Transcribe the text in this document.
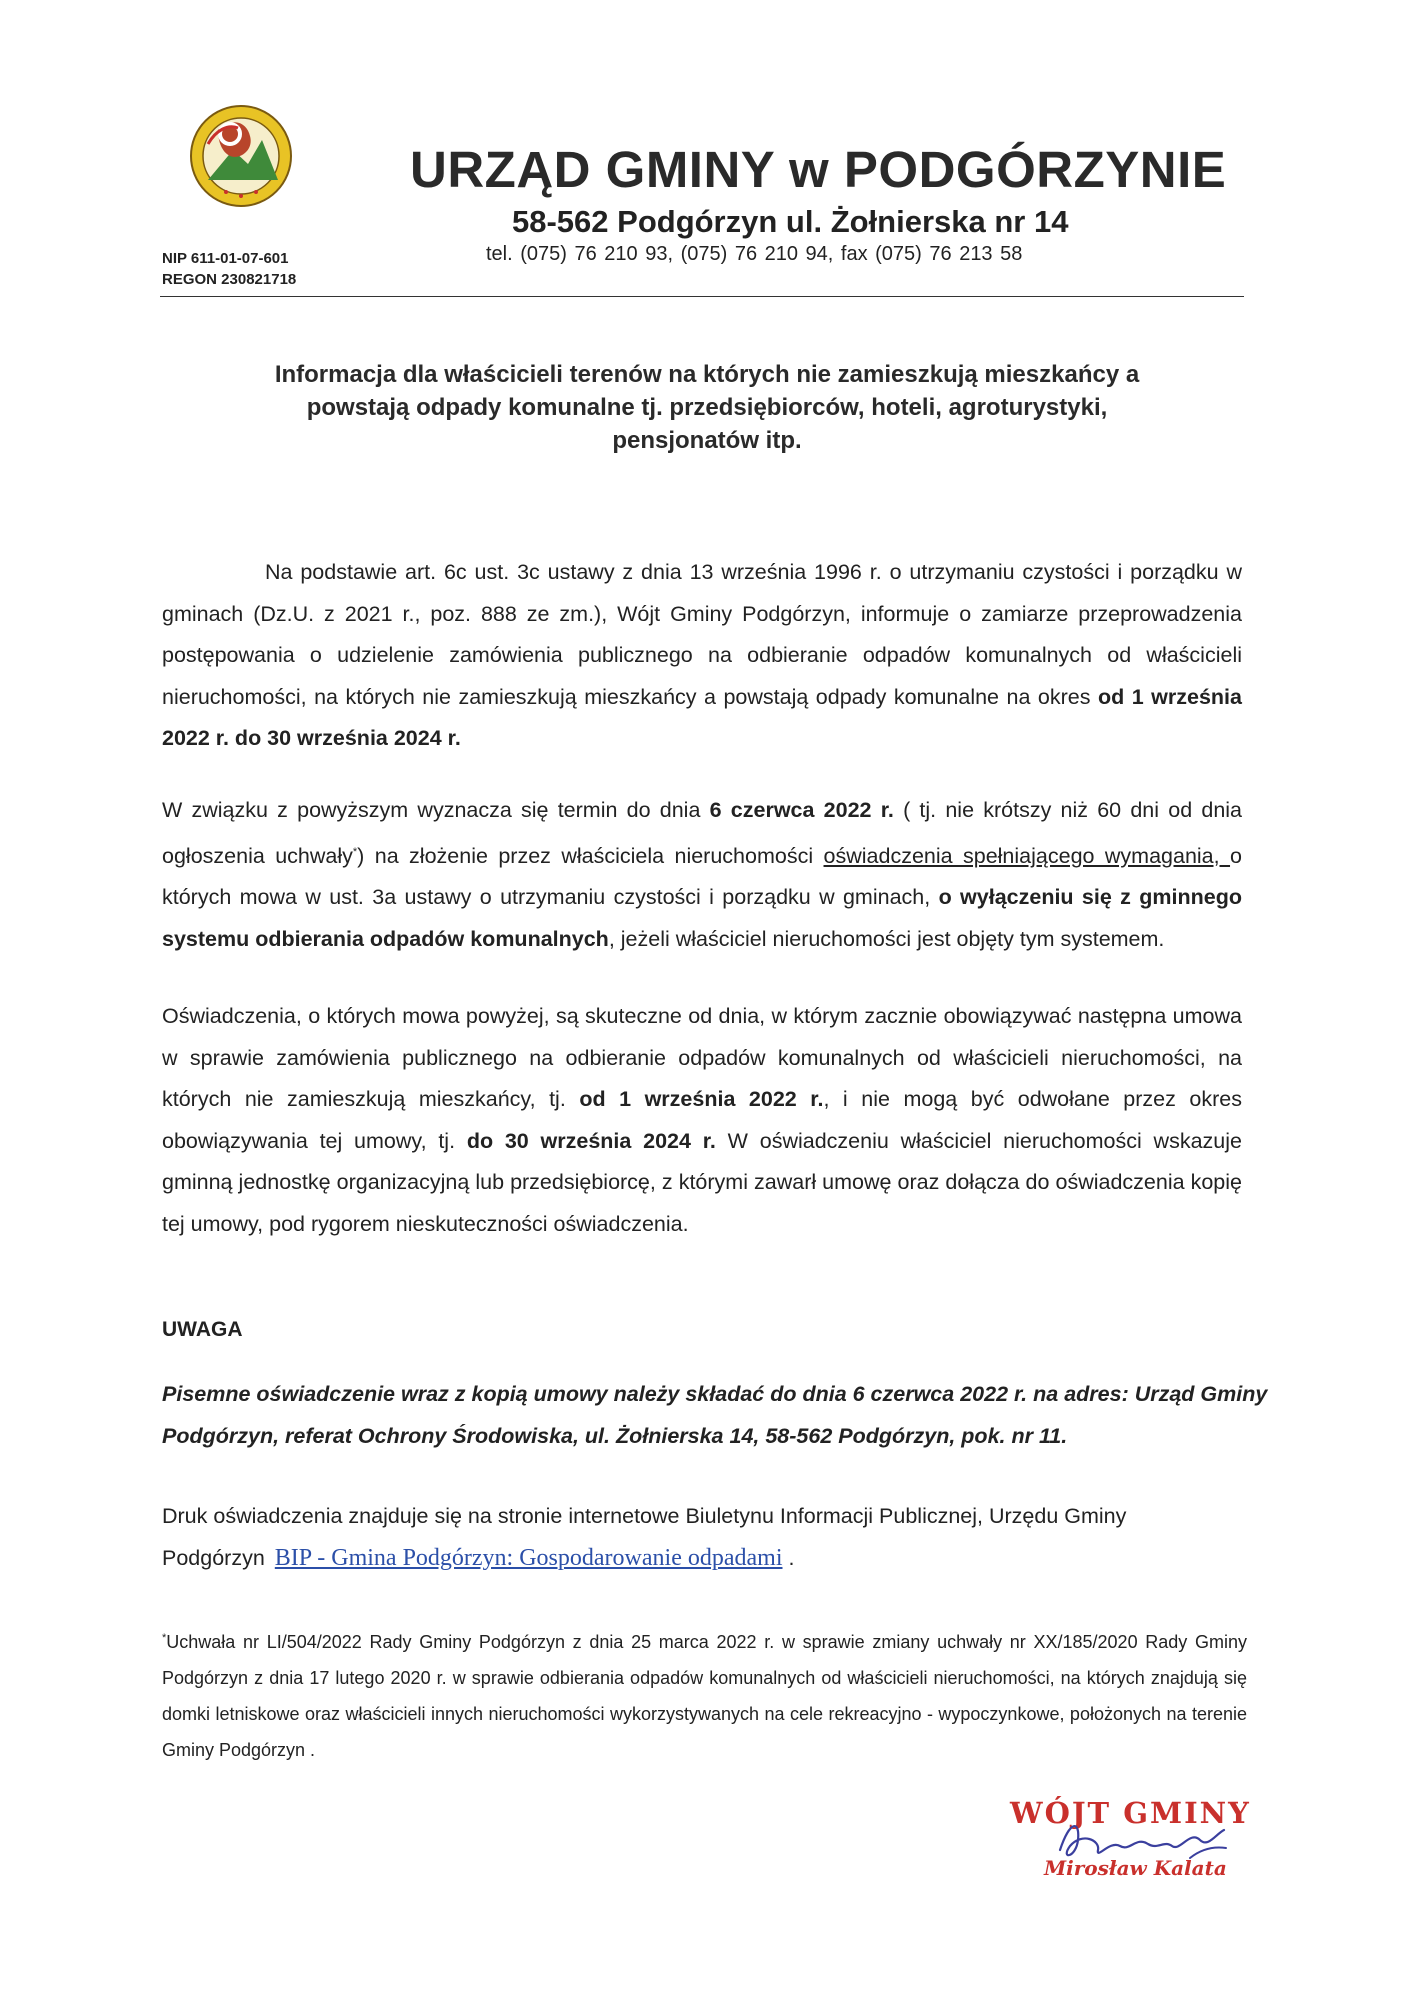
URZĄD GMINY w PODGÓRZYNIE
58-562 Podgórzyn ul. Żołnierska nr 14
tel. (075) 76 210 93, (075) 76 210 94, fax (075) 76 213 58
NIP 611-01-07-601
REGON 230821718
Informacja dla właścicieli terenów na których nie zamieszkują mieszkańcy a
powstają odpady komunalne tj. przedsiębiorców, hoteli, agroturystyki,
pensjonatów itp.

Na podstawie art. 6c ust. 3c ustawy z dnia 13 września 1996 r. o utrzymaniu czystości i porządku w gminach (Dz.U. z 2021 r., poz. 888 ze zm.), Wójt Gminy Podgórzyn, informuje o zamiarze przeprowadzenia postępowania o udzielenie zamówienia publicznego na odbieranie odpadów komunalnych od właścicieli nieruchomości, na których nie zamieszkują mieszkańcy a powstają odpady komunalne na okres od 1 września 2022 r. do 30 września 2024 r.

W związku z powyższym wyznacza się termin do dnia 6 czerwca 2022 r. ( tj. nie krótszy niż 60 dni od dnia ogłoszenia uchwały*) na złożenie przez właściciela nieruchomości oświadczenia spełniającego wymagania, o których mowa w ust. 3a ustawy o utrzymaniu czystości i porządku w gminach, o wyłączeniu się z gminnego systemu odbierania odpadów komunalnych, jeżeli właściciel nieruchomości jest objęty tym systemem.

Oświadczenia, o których mowa powyżej, są skuteczne od dnia, w którym zacznie obowiązywać następna umowa w sprawie zamówienia publicznego na odbieranie odpadów komunalnych od właścicieli nieruchomości, na których nie zamieszkują mieszkańcy, tj. od 1 września 2022 r., i nie mogą być odwołane przez okres obowiązywania tej umowy, tj. do 30 września 2024 r. W oświadczeniu właściciel nieruchomości wskazuje gminną jednostkę organizacyjną lub przedsiębiorcę, z którymi zawarł umowę oraz dołącza do oświadczenia kopię tej umowy, pod rygorem nieskuteczności oświadczenia.

UWAGA

Pisemne oświadczenie wraz z kopią umowy należy składać do dnia 6 czerwca 2022 r. na adres: Urząd Gminy Podgórzyn, referat Ochrony Środowiska, ul. Żołnierska 14, 58-562 Podgórzyn, pok. nr 11.

Druk oświadczenia znajduje się na stronie internetowe Biuletynu Informacji Publicznej, Urzędu Gminy Podgórzyn BIP - Gmina Podgórzyn: Gospodarowanie odpadami .

*Uchwała nr LI/504/2022 Rady Gminy Podgórzyn z dnia 25 marca 2022 r. w sprawie zmiany uchwały nr XX/185/2020 Rady Gminy Podgórzyn z dnia 17 lutego 2020 r. w sprawie odbierania odpadów komunalnych od właścicieli nieruchomości, na których znajdują się domki letniskowe oraz właścicieli innych nieruchomości wykorzystywanych na cele rekreacyjno - wypoczynkowe, położonych na terenie Gminy Podgórzyn .

WÓJT GMINY
Mirosław Kalata
